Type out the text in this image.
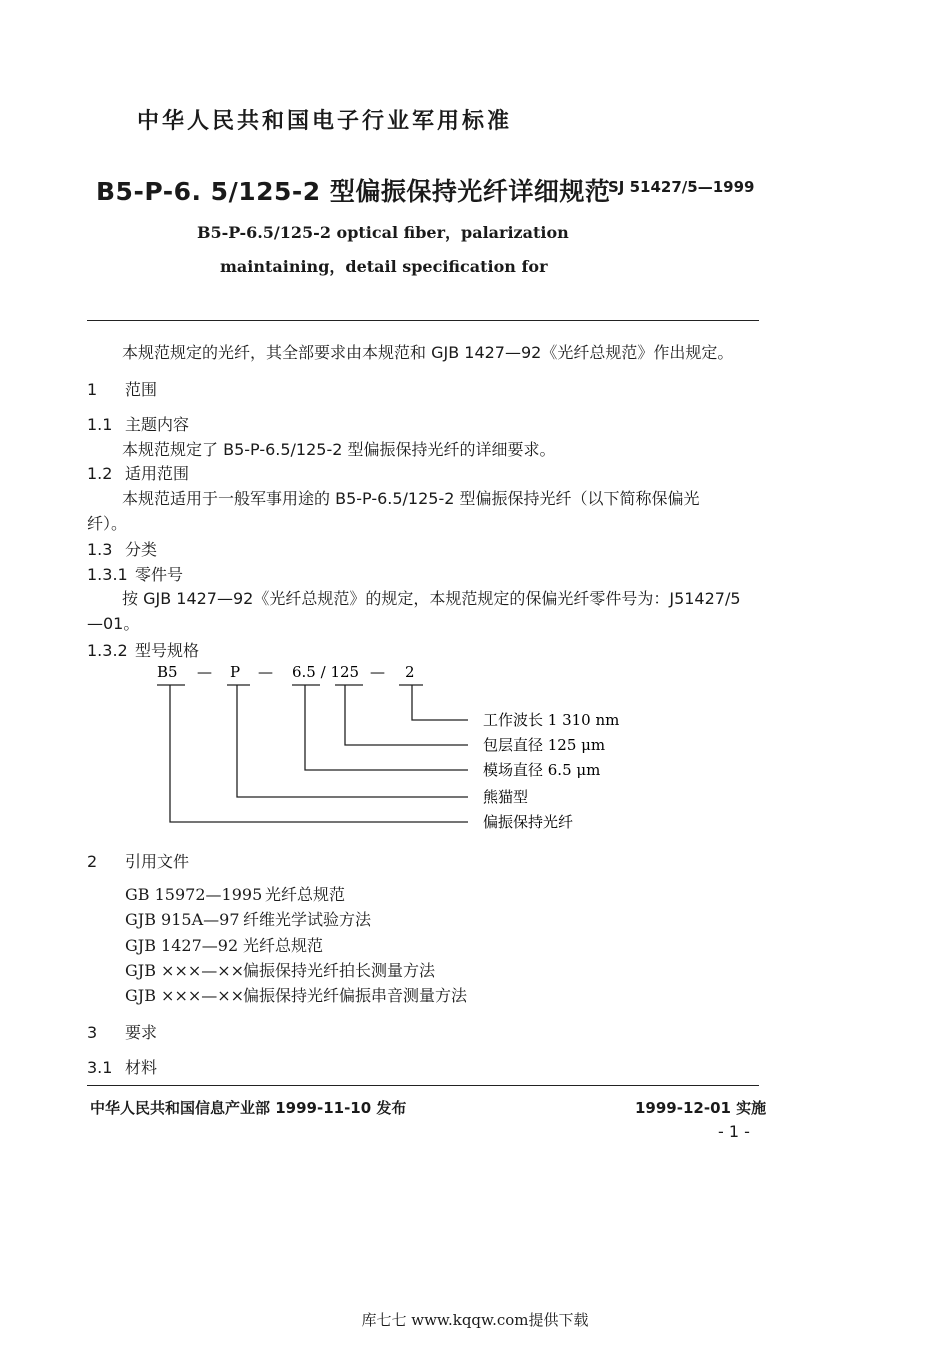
中华人民共和国电子行业军用标准
B5-P-6. 5/125-2 型偏振保持光纤详细规范
SJ 51427/5—1999
B5-P-6.5/125-2 optical fiber，palarization
maintaining，detail specification for
本规范规定的光纤，其全部要求由本规范和 GJB 1427—92《光纤总规范》作出规定。
1 范围
1.1 主题内容
本规范规定了 B5-P-6.5/125-2 型偏振保持光纤的详细要求。
1.2 适用范围
本规范适用于一般军事用途的 B5-P-6.5/125-2 型偏振保持光纤（以下简称保偏光
纤）。
1.3 分类
1.3.1 零件号
按 GJB 1427—92《光纤总规范》的规定，本规范规定的保偏光纤零件号为：J51427/5
—01。
1.3.2 型号规格
B5 — P — 6.5 / 125 — 2
工作波长 1 310 nm
包层直径 125 μm
模场直径 6.5 μm
熊猫型
偏振保持光纤
2 引用文件
GB 15972—1995 光纤总规范
GJB 915A—97 纤维光学试验方法
GJB 1427—92 光纤总规范
GJB ×××—××偏振保持光纤拍长测量方法
GJB ×××—××偏振保持光纤偏振串音测量方法
3 要求
3.1 材料
中华人民共和国信息产业部 1999-11-10 发布	1999-12-01 实施
- 1 -
库七七 www.kqqw.com提供下载
